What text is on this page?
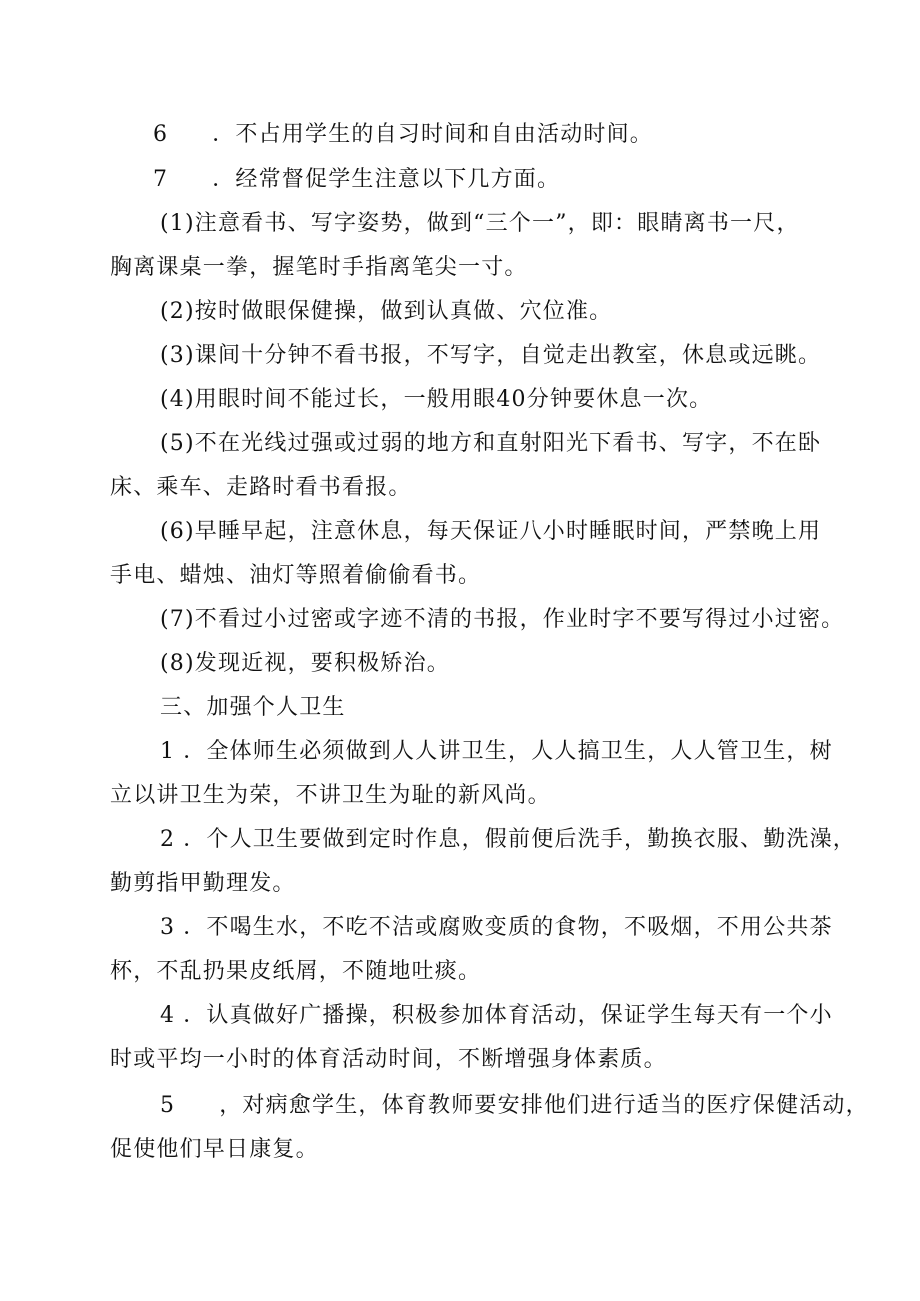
6 ．不占用学生的自习时间和自由活动时间。
7 ．经常督促学生注意以下几方面。
(1)注意看书、写字姿势，做到“三个一”，即：眼睛离书一尺，
胸离课桌一拳，握笔时手指离笔尖一寸。
(2)按时做眼保健操，做到认真做、穴位准。
(3)课间十分钟不看书报，不写字，自觉走出教室，休息或远眺。
(4)用眼时间不能过长，一般用眼40分钟要休息一次。
(5)不在光线过强或过弱的地方和直射阳光下看书、写字，不在卧
床、乘车、走路时看书看报。
(6)早睡早起，注意休息，每天保证八小时睡眠时间，严禁晚上用
手电、蜡烛、油灯等照着偷偷看书。
(7)不看过小过密或字迹不清的书报，作业时字不要写得过小过密。
(8)发现近视，要积极矫治。
三、加强个人卫生
1 ．全体师生必须做到人人讲卫生，人人搞卫生，人人管卫生，树
立以讲卫生为荣，不讲卫生为耻的新风尚。
2 ．个人卫生要做到定时作息，假前便后洗手，勤换衣服、勤洗澡，
勤剪指甲勤理发。
3 ．不喝生水，不吃不洁或腐败变质的食物，不吸烟，不用公共茶
杯，不乱扔果皮纸屑，不随地吐痰。
4 ．认真做好广播操，积极参加体育活动，保证学生每天有一个小
时或平均一小时的体育活动时间，不断增强身体素质。
5 ，对病愈学生，体育教师要安排他们进行适当的医疗保健活动，
促使他们早日康复。
